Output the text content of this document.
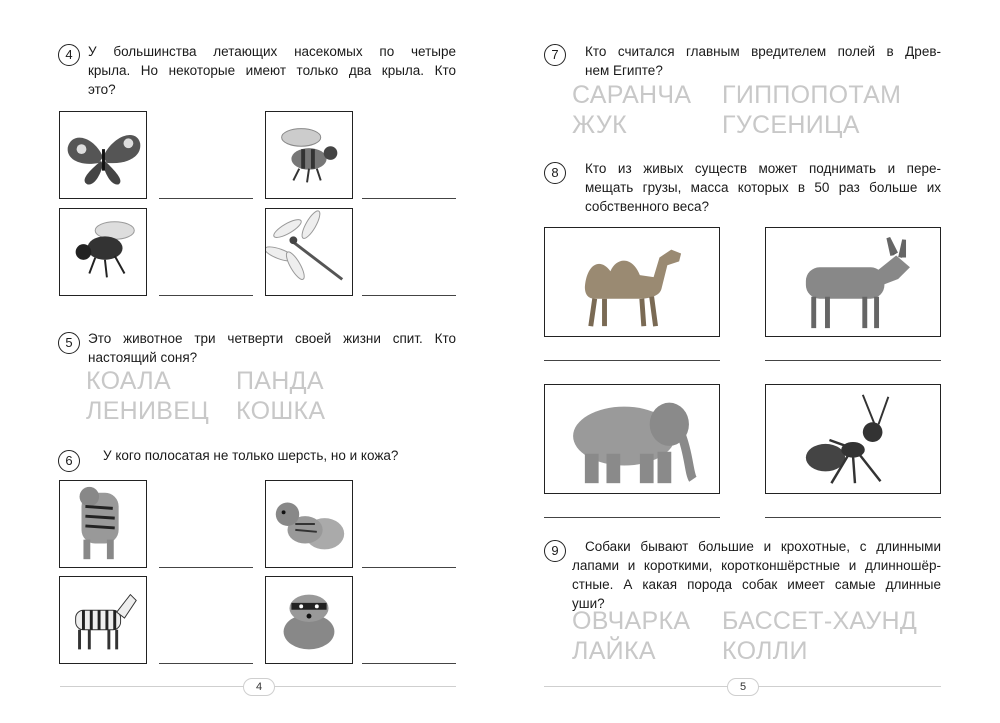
4	У большинства летающих насекомых по четыре
крыла. Но некоторые имеют только два крыла. Кто
это?
5	Это животное три четверти своей жизни спит. Кто
настоящий соня?
КОАЛА	ПАНДА
ЛЕНИВЕЦ КОШКА
6	У кого полосатая не только шерсть, но и кожа?
4
7	Кто считался главным вредителем полей в Древ-
нем Египте?
САРАНЧА ГИППОПОТАМ
ЖУК	ГУСЕНИЦА
8	Кто из живых существ может поднимать и пере-
мещать грузы, масса которых в 50 раз больше их
собственного веса?
9	Собаки бывают большие и крохотные, с длинными
лапами и короткими, коротконшёрстные и длинношёр-
стные. А какая порода собак имеет самые длинные
уши?
ОВЧАРКА БАССЕТ-ХАУНД
ЛАЙКА	КОЛЛИ
5
